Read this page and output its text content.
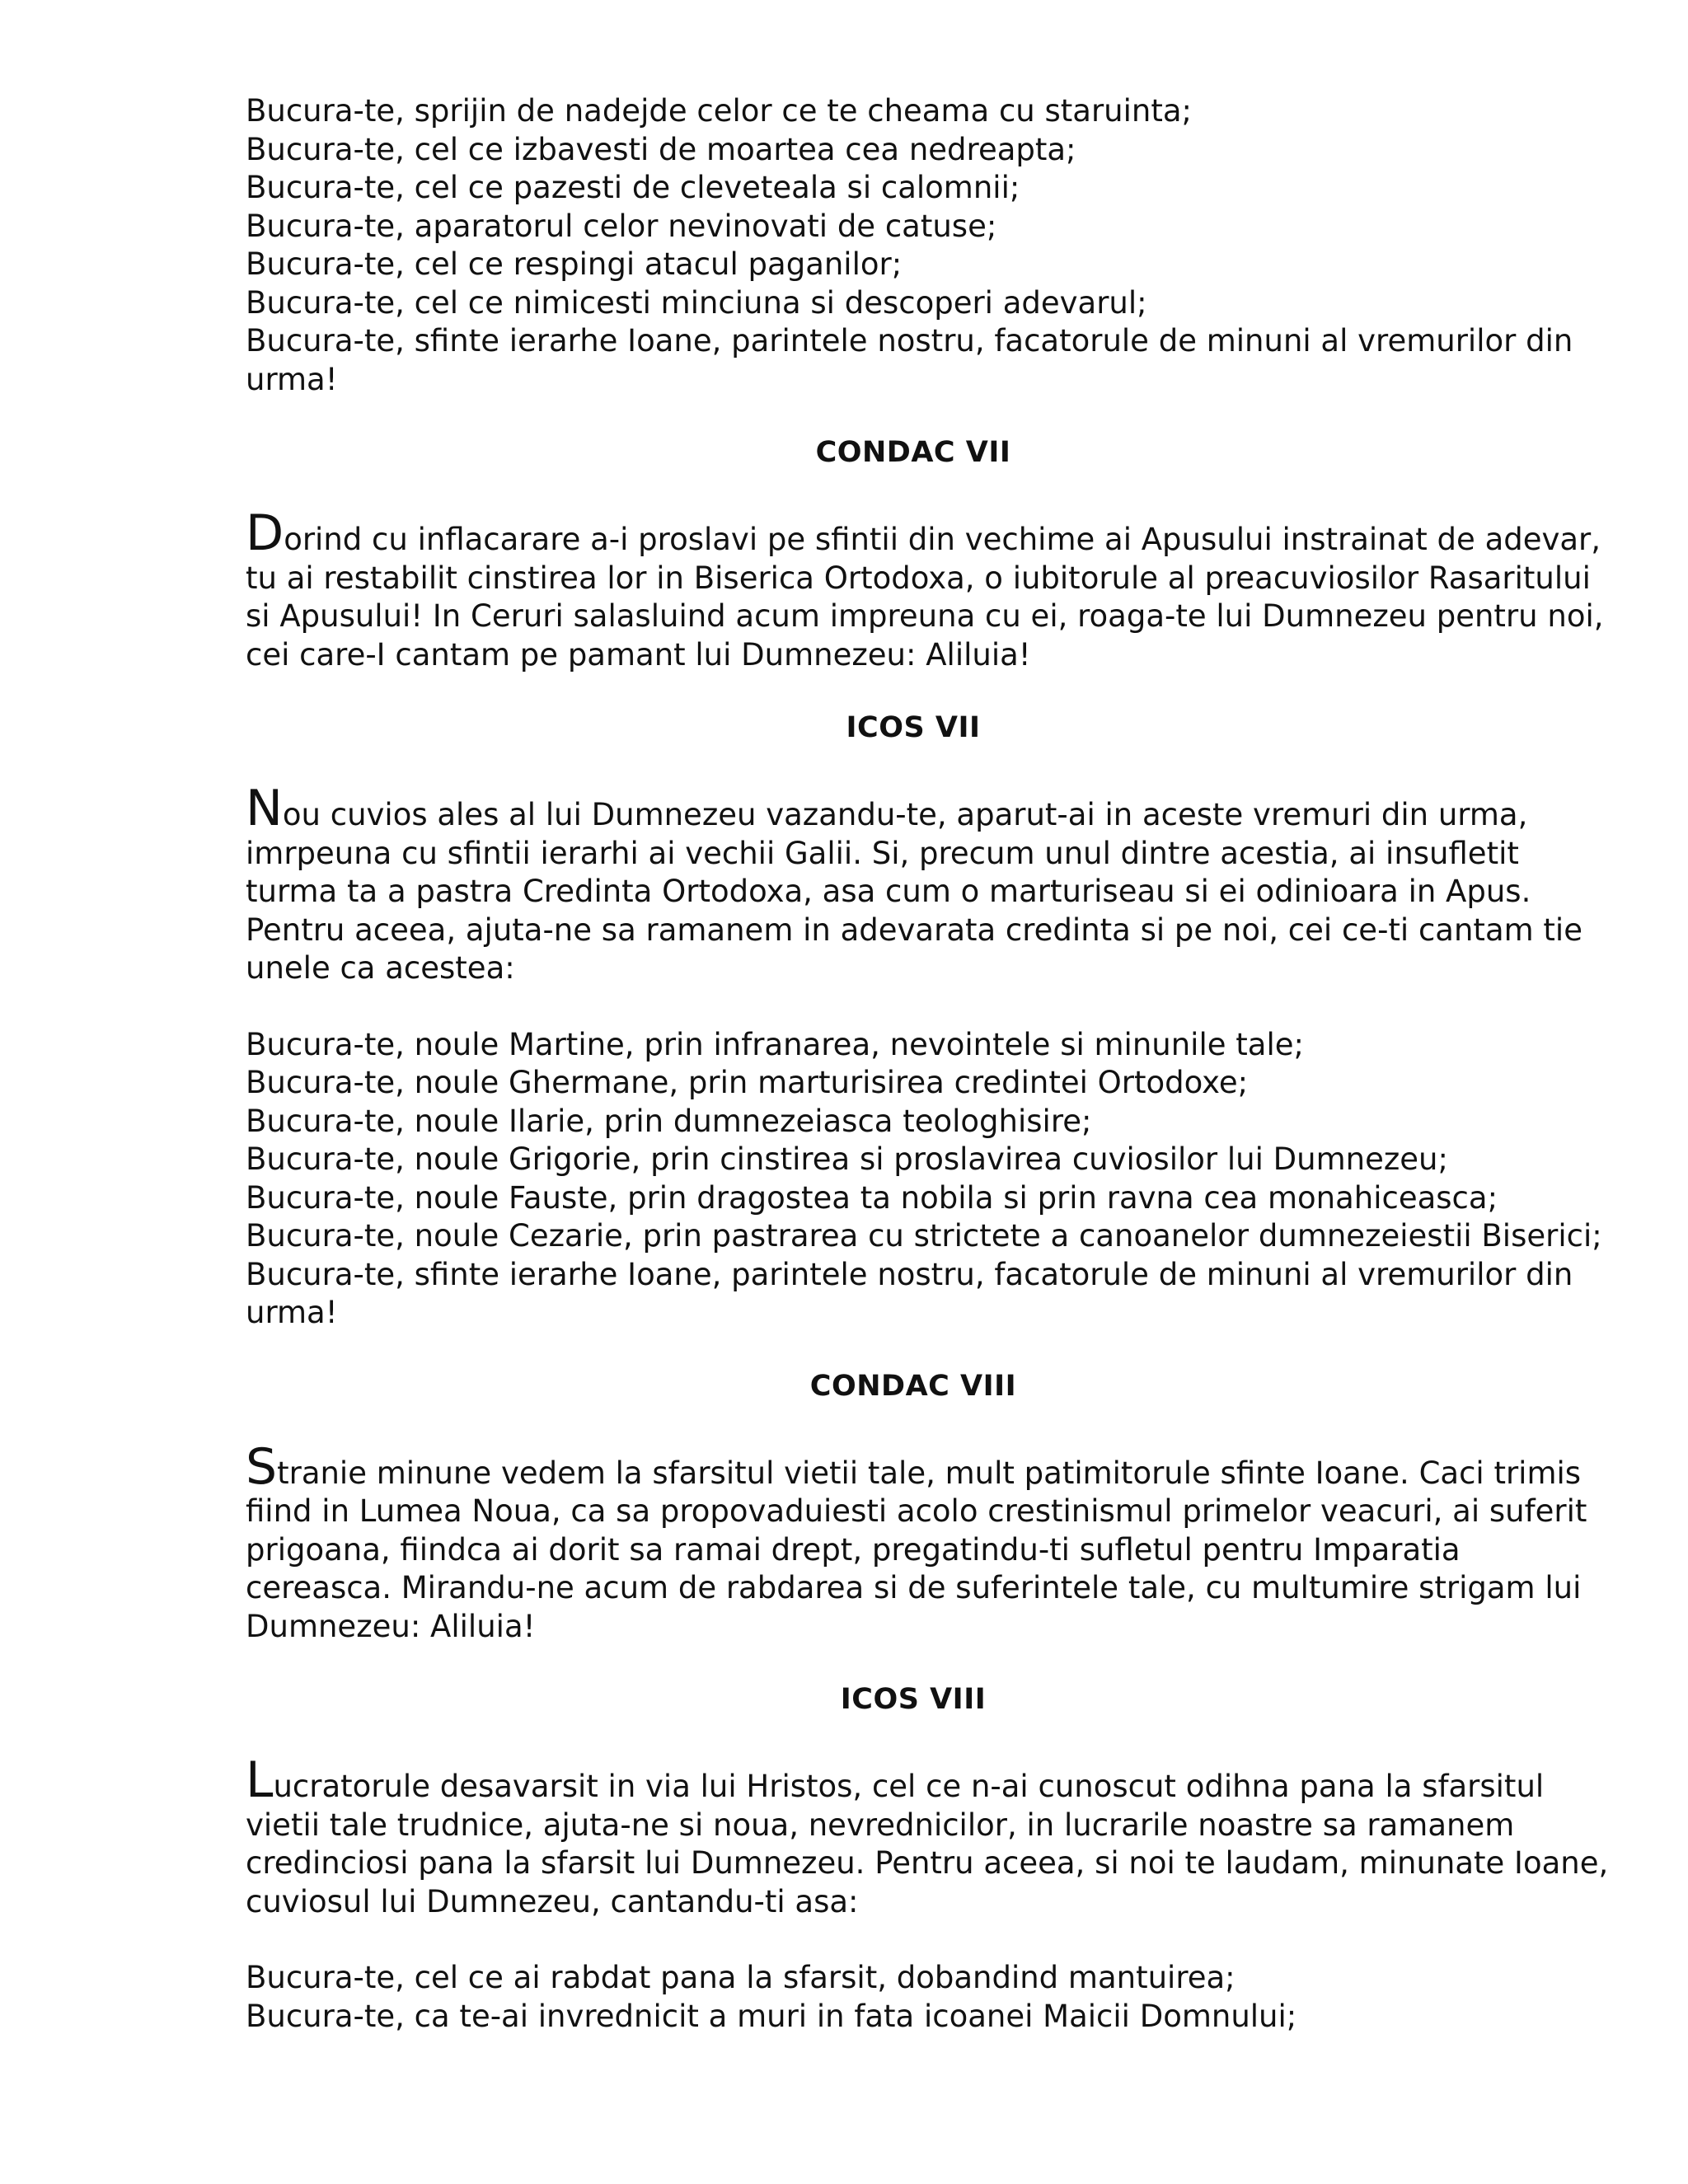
Bucura-te, sprijin de nadejde celor ce te cheama cu staruinta;
Bucura-te, cel ce izbavesti de moartea cea nedreapta;
Bucura-te, cel ce pazesti de cleveteala si calomnii;
Bucura-te, aparatorul celor nevinovati de catuse;
Bucura-te, cel ce respingi atacul paganilor;
Bucura-te, cel ce nimicesti minciuna si descoperi adevarul;
Bucura-te, sfinte ierarhe Ioane, parintele nostru, facatorule de minuni al vremurilor din
urma!
CONDAC VII
Dorind cu inflacarare a-i proslavi pe sfintii din vechime ai Apusului instrainat de adevar,
tu ai restabilit cinstirea lor in Biserica Ortodoxa, o iubitorule al preacuviosilor Rasaritului
si Apusului! In Ceruri salasluind acum impreuna cu ei, roaga-te lui Dumnezeu pentru noi,
cei care-I cantam pe pamant lui Dumnezeu: Aliluia!
ICOS VII
Nou cuvios ales al lui Dumnezeu vazandu-te, aparut-ai in aceste vremuri din urma,
imrpeuna cu sfintii ierarhi ai vechii Galii. Si, precum unul dintre acestia, ai insufletit
turma ta a pastra Credinta Ortodoxa, asa cum o marturiseau si ei odinioara in Apus.
Pentru aceea, ajuta-ne sa ramanem in adevarata credinta si pe noi, cei ce-ti cantam tie
unele ca acestea:
Bucura-te, noule Martine, prin infranarea, nevointele si minunile tale;
Bucura-te, noule Ghermane, prin marturisirea credintei Ortodoxe;
Bucura-te, noule Ilarie, prin dumnezeiasca teologhisire;
Bucura-te, noule Grigorie, prin cinstirea si proslavirea cuviosilor lui Dumnezeu;
Bucura-te, noule Fauste, prin dragostea ta nobila si prin ravna cea monahiceasca;
Bucura-te, noule Cezarie, prin pastrarea cu strictete a canoanelor dumnezeiestii Biserici;
Bucura-te, sfinte ierarhe Ioane, parintele nostru, facatorule de minuni al vremurilor din
urma!
CONDAC VIII
Stranie minune vedem la sfarsitul vietii tale, mult patimitorule sfinte Ioane. Caci trimis
fiind in Lumea Noua, ca sa propovaduiesti acolo crestinismul primelor veacuri, ai suferit
prigoana, fiindca ai dorit sa ramai drept, pregatindu-ti sufletul pentru Imparatia
cereasca. Mirandu-ne acum de rabdarea si de suferintele tale, cu multumire strigam lui
Dumnezeu: Aliluia!
ICOS VIII
Lucratorule desavarsit in via lui Hristos, cel ce n-ai cunoscut odihna pana la sfarsitul
vietii tale trudnice, ajuta-ne si noua, nevrednicilor, in lucrarile noastre sa ramanem
credinciosi pana la sfarsit lui Dumnezeu. Pentru aceea, si noi te laudam, minunate Ioane,
cuviosul lui Dumnezeu, cantandu-ti asa:
Bucura-te, cel ce ai rabdat pana la sfarsit, dobandind mantuirea;
Bucura-te, ca te-ai invrednicit a muri in fata icoanei Maicii Domnului;
